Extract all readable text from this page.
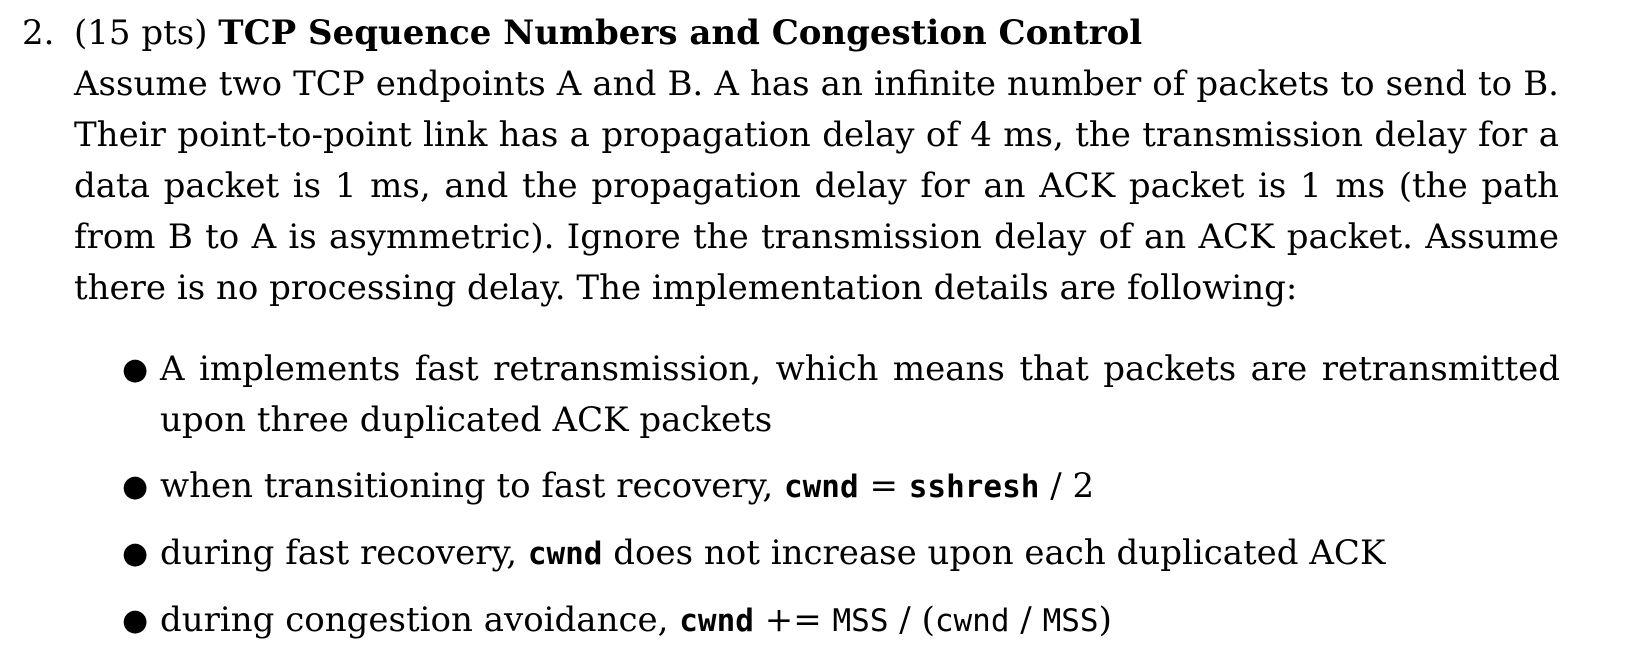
2. (15 pts) TCP Sequence Numbers and Congestion Control
Assume two TCP endpoints A and B. A has an infinite number of packets to send to B. Their point-to-point link has a propagation delay of 4 ms, the transmission delay for a data packet is 1 ms, and the propagation delay for an ACK packet is 1 ms (the path from B to A is asymmetric). Ignore the transmission delay of an ACK packet. Assume there is no processing delay. The implementation details are following:
● A implements fast retransmission, which means that packets are retransmitted upon three duplicated ACK packets
● when transitioning to fast recovery, cwnd = sshresh / 2
● during fast recovery, cwnd does not increase upon each duplicated ACK
● during congestion avoidance, cwnd += MSS / (cwnd / MSS)
